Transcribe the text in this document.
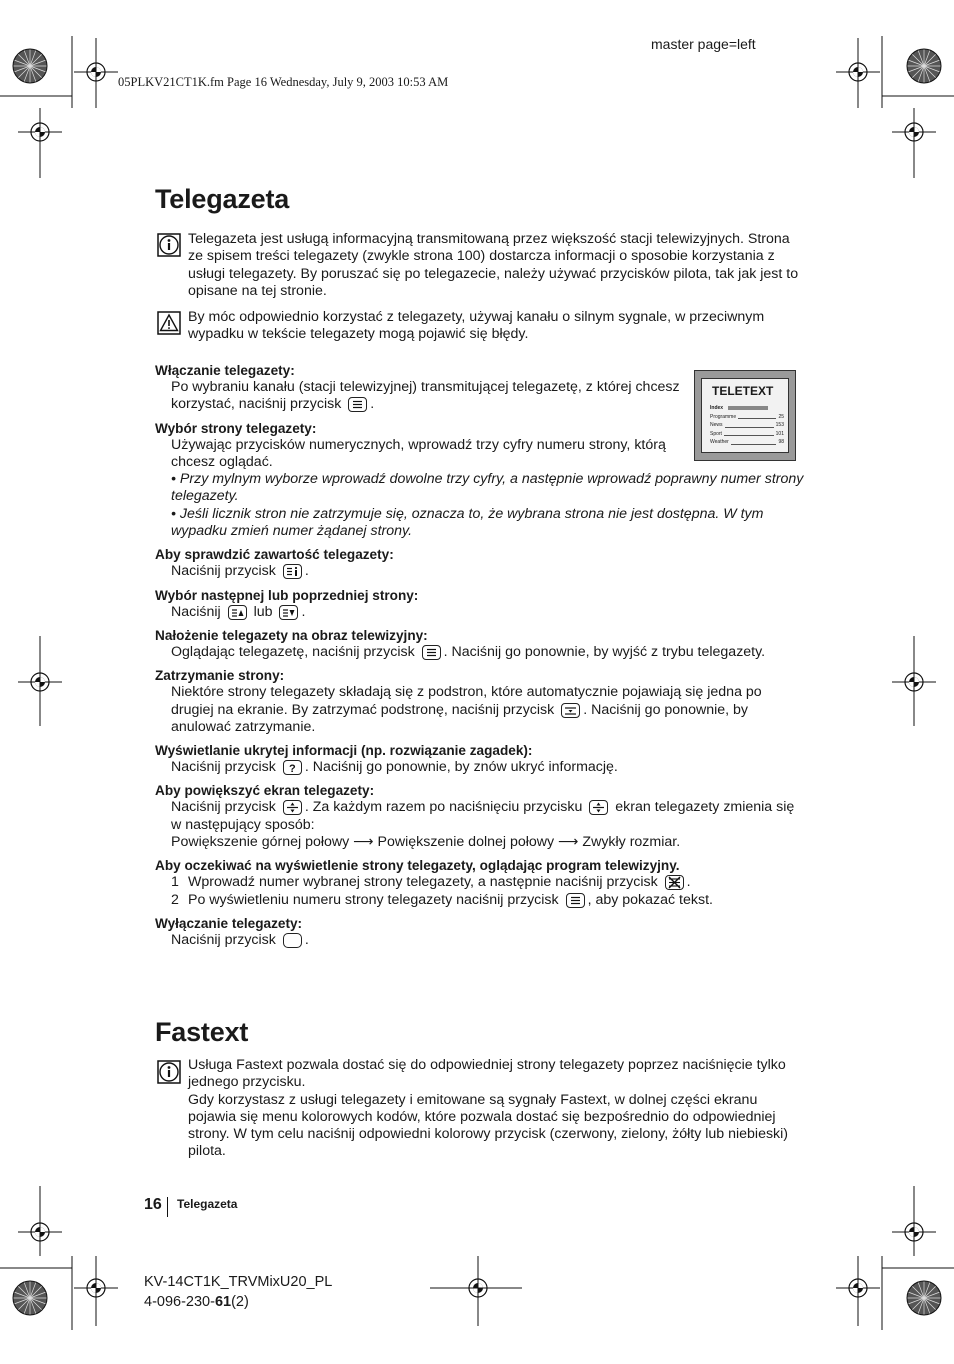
master page=left
05PLKV21CT1K.fm Page 16 Wednesday, July 9, 2003 10:53 AM
Telegazeta
Telegazeta jest usługą informacyjną transmitowaną przez większość stacji telewizyjnych. Strona ze spisem treści telegazety (zwykle strona 100) dostarcza informacji o sposobie korzystania z usługi telegazety. By poruszać się po telegazecie, należy używać przycisków pilota, tak jak jest to opisane na tej stronie.
By móc odpowiednio korzystać z telegazety, używaj kanału o silnym sygnale, w przeciwnym wypadku w tekście telegazety mogą pojawić się błędy.
TELETEXT
Index
Programme	25
News	153
Sport	101
Weather	98
Włączanie telegazety:
Po wybraniu kanału (stacji telewizyjnej) transmitującej telegazetę, z której chcesz korzystać, naciśnij przycisk .
Wybór strony telegazety:
Używając przycisków numerycznych, wprowadź trzy cyfry numeru strony, którą chcesz oglądać.
• Przy mylnym wyborze wprowadź dowolne trzy cyfry, a następnie wprowadź poprawny numer strony telegazety.
• Jeśli licznik stron nie zatrzymuje się, oznacza to, że wybrana strona nie jest dostępna. W tym wypadku zmień numer żądanej strony.
Aby sprawdzić zawartość telegazety:
Naciśnij przycisk .
Wybór następnej lub poprzedniej strony:
Naciśnij lub .
Nałożenie telegazety na obraz telewizyjny:
Oglądając telegazetę, naciśnij przycisk . Naciśnij go ponownie, by wyjść z trybu telegazety.
Zatrzymanie strony:
Niektóre strony telegazety składają się z podstron, które automatycznie pojawiają się jedna po drugiej na ekranie. By zatrzymać podstronę, naciśnij przycisk . Naciśnij go ponownie, by anulować zatrzymanie.
Wyświetlanie ukrytej informacji (np. rozwiązanie zagadek):
Naciśnij przycisk ? . Naciśnij go ponownie, by znów ukryć informację.
Aby powiększyć ekran telegazety:
Naciśnij przycisk . Za każdym razem po naciśnięciu przycisku ekran telegazety zmienia się w następujący sposób:
Powiększenie górnej połowy ⟶ Powiększenie dolnej połowy ⟶ Zwykły rozmiar.
Aby oczekiwać na wyświetlenie strony telegazety, oglądając program telewizyjny.
1 Wprowadź numer wybranej strony telegazety, a następnie naciśnij przycisk .
2 Po wyświetleniu numeru strony telegazety naciśnij przycisk , aby pokazać tekst.
Wyłączanie telegazety:
Naciśnij przycisk .
Fastext
Usługa Fastext pozwala dostać się do odpowiedniej strony telegazety poprzez naciśnięcie tylko jednego przycisku.
Gdy korzystasz z usługi telegazety i emitowane są sygnały Fastext, w dolnej części ekranu pojawia się menu kolorowych kodów, które pozwala dostać się bezpośrednio do odpowiedniej strony. W tym celu naciśnij odpowiedni kolorowy przycisk (czerwony, zielony, żółty lub niebieski) pilota.
16 Telegazeta
KV-14CT1K_TRVMixU20_PL
4-096-230-61(2)
